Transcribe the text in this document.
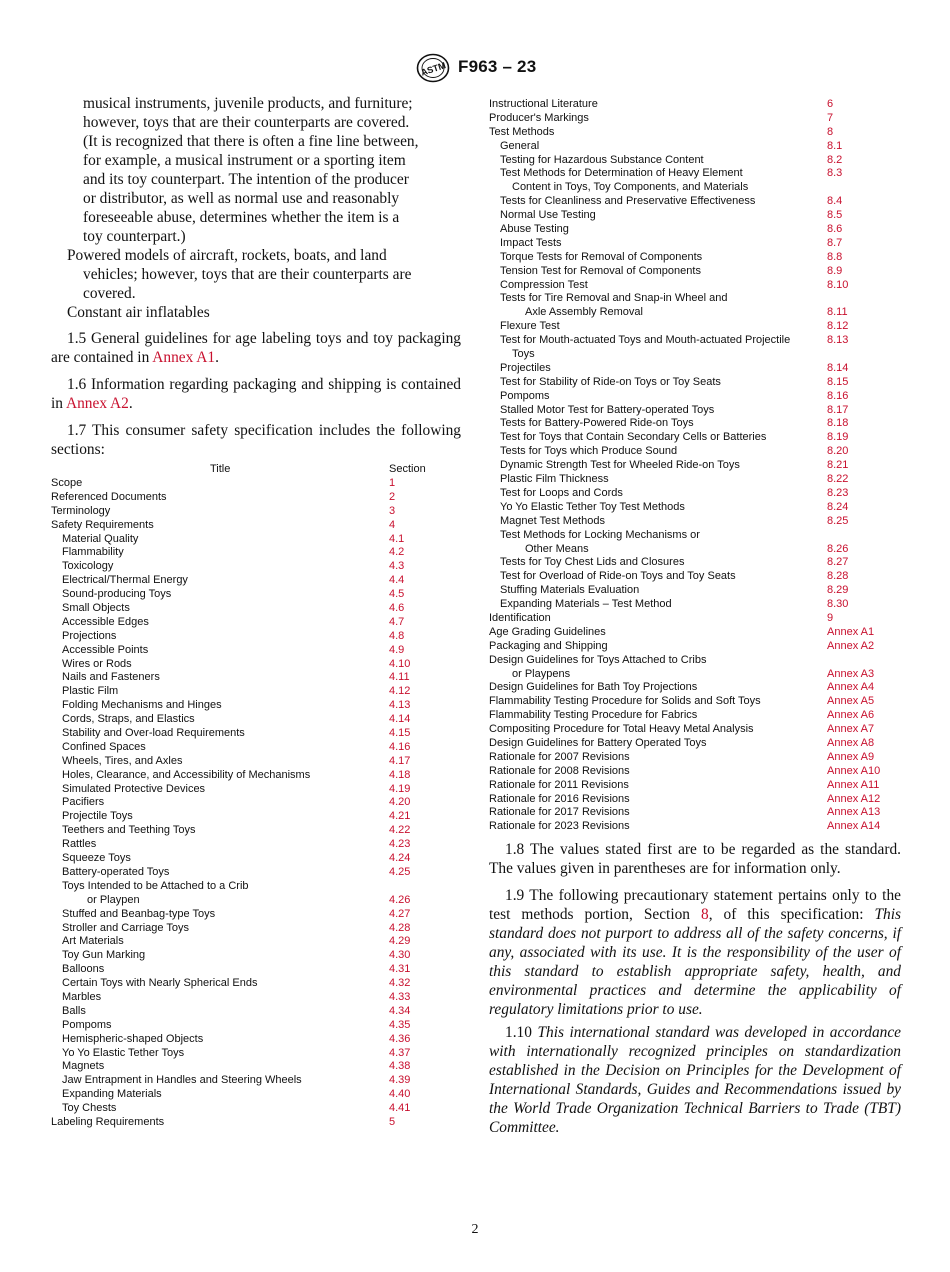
ASTM F963 – 23
musical instruments, juvenile products, and furniture;
however, toys that are their counterparts are covered.
(It is recognized that there is often a fine line between,
for example, a musical instrument or a sporting item
and its toy counterpart. The intention of the producer
or distributor, as well as normal use and reasonably
foreseeable abuse, determines whether the item is a
toy counterpart.)
Powered models of aircraft, rockets, boats, and land
vehicles; however, toys that are their counterparts are
covered.
Constant air inflatables

1.5 General guidelines for age labeling toys and toy packaging are contained in Annex A1.

1.6 Information regarding packaging and shipping is contained in Annex A2.

1.7 This consumer safety specification includes the following sections:

Title	Section
Scope	1
Referenced Documents	2
Terminology	3
Safety Requirements	4
Material Quality	4.1
Flammability	4.2
Toxicology	4.3
Electrical/Thermal Energy	4.4
Sound-producing Toys	4.5
Small Objects	4.6
Accessible Edges	4.7
Projections	4.8
Accessible Points	4.9
Wires or Rods	4.10
Nails and Fasteners	4.11
Plastic Film	4.12
Folding Mechanisms and Hinges	4.13
Cords, Straps, and Elastics	4.14
Stability and Over-load Requirements	4.15
Confined Spaces	4.16
Wheels, Tires, and Axles	4.17
Holes, Clearance, and Accessibility of Mechanisms	4.18
Simulated Protective Devices	4.19
Pacifiers	4.20
Projectile Toys	4.21
Teethers and Teething Toys	4.22
Rattles	4.23
Squeeze Toys	4.24
Battery-operated Toys	4.25
Toys Intended to be Attached to a Crib
or Playpen	4.26
Stuffed and Beanbag-type Toys	4.27
Stroller and Carriage Toys	4.28
Art Materials	4.29
Toy Gun Marking	4.30
Balloons	4.31
Certain Toys with Nearly Spherical Ends	4.32
Marbles	4.33
Balls	4.34
Pompoms	4.35
Hemispheric-shaped Objects	4.36
Yo Yo Elastic Tether Toys	4.37
Magnets	4.38
Jaw Entrapment in Handles and Steering Wheels	4.39
Expanding Materials	4.40
Toy Chests	4.41
Labeling Requirements	5
Instructional Literature	6
Producer's Markings	7
Test Methods	8
General	8.1
Testing for Hazardous Substance Content	8.2
Test Methods for Determination of Heavy Element	8.3
Content in Toys, Toy Components, and Materials
Tests for Cleanliness and Preservative Effectiveness	8.4
Normal Use Testing	8.5
Abuse Testing	8.6
Impact Tests	8.7
Torque Tests for Removal of Components	8.8
Tension Test for Removal of Components	8.9
Compression Test	8.10
Tests for Tire Removal and Snap-in Wheel and
Axle Assembly Removal	8.11
Flexure Test	8.12
Test for Mouth-actuated Toys and Mouth-actuated Projectile	8.13
Toys
Projectiles	8.14
Test for Stability of Ride-on Toys or Toy Seats	8.15
Pompoms	8.16
Stalled Motor Test for Battery-operated Toys	8.17
Tests for Battery-Powered Ride-on Toys	8.18
Test for Toys that Contain Secondary Cells or Batteries	8.19
Tests for Toys which Produce Sound	8.20
Dynamic Strength Test for Wheeled Ride-on Toys	8.21
Plastic Film Thickness	8.22
Test for Loops and Cords	8.23
Yo Yo Elastic Tether Toy Test Methods	8.24
Magnet Test Methods	8.25
Test Methods for Locking Mechanisms or
Other Means	8.26
Tests for Toy Chest Lids and Closures	8.27
Test for Overload of Ride-on Toys and Toy Seats	8.28
Stuffing Materials Evaluation	8.29
Expanding Materials – Test Method	8.30
Identification	9
Age Grading Guidelines	Annex A1
Packaging and Shipping	Annex A2
Design Guidelines for Toys Attached to Cribs
or Playpens	Annex A3
Design Guidelines for Bath Toy Projections	Annex A4
Flammability Testing Procedure for Solids and Soft Toys	Annex A5
Flammability Testing Procedure for Fabrics	Annex A6
Compositing Procedure for Total Heavy Metal Analysis	Annex A7
Design Guidelines for Battery Operated Toys	Annex A8
Rationale for 2007 Revisions	Annex A9
Rationale for 2008 Revisions	Annex A10
Rationale for 2011 Revisions	Annex A11
Rationale for 2016 Revisions	Annex A12
Rationale for 2017 Revisions	Annex A13
Rationale for 2023 Revisions	Annex A14

1.8 The values stated first are to be regarded as the standard. The values given in parentheses are for information only.

1.9 The following precautionary statement pertains only to the test methods portion, Section 8, of this specification: This standard does not purport to address all of the safety concerns, if any, associated with its use. It is the responsibility of the user of this standard to establish appropriate safety, health, and environmental practices and determine the applicability of regulatory limitations prior to use.

1.10 This international standard was developed in accordance with internationally recognized principles on standardization established in the Decision on Principles for the Development of International Standards, Guides and Recommendations issued by the World Trade Organization Technical Barriers to Trade (TBT) Committee.

2
